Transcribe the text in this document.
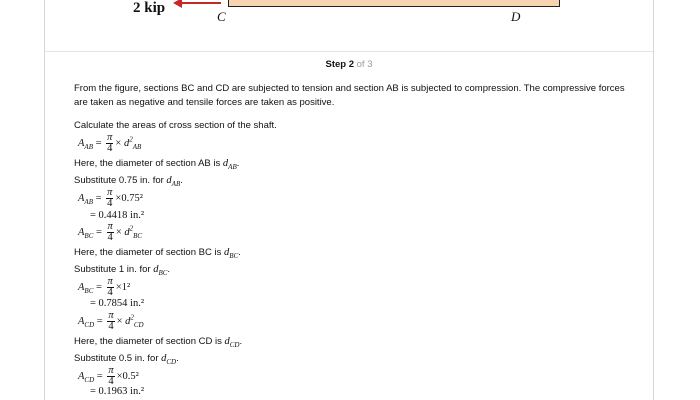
2 kip
C	D
Step 2 of 3
From the figure, sections BC and CD are subjected to tension and section AB is subjected to compression. The compressive forces are taken as negative and tensile forces are taken as positive.
Calculate the areas of cross section of the shaft.
$A_{AB} = \frac{\pi}{4} \times d^2_{AB}$
Here, the diameter of section AB is $d_{AB}$.
Substitute 0.75 in. for $d_{AB}$.
$A_{AB} = \frac{\pi}{4} \times 0.75^2$
= 0.4418 in.²
$A_{BC} = \frac{\pi}{4} \times d^2_{BC}$
Here, the diameter of section BC is $d_{BC}$.
Substitute 1 in. for $d_{BC}$.
$A_{BC} = \frac{\pi}{4} \times 1^2$
= 0.7854 in.²
$A_{CD} = \frac{\pi}{4} \times d^2_{CD}$
Here, the diameter of section CD is $d_{CD}$.
Substitute 0.5 in. for $d_{CD}$.
$A_{CD} = \frac{\pi}{4} \times 0.5^2$
= 0.1963 in.²
